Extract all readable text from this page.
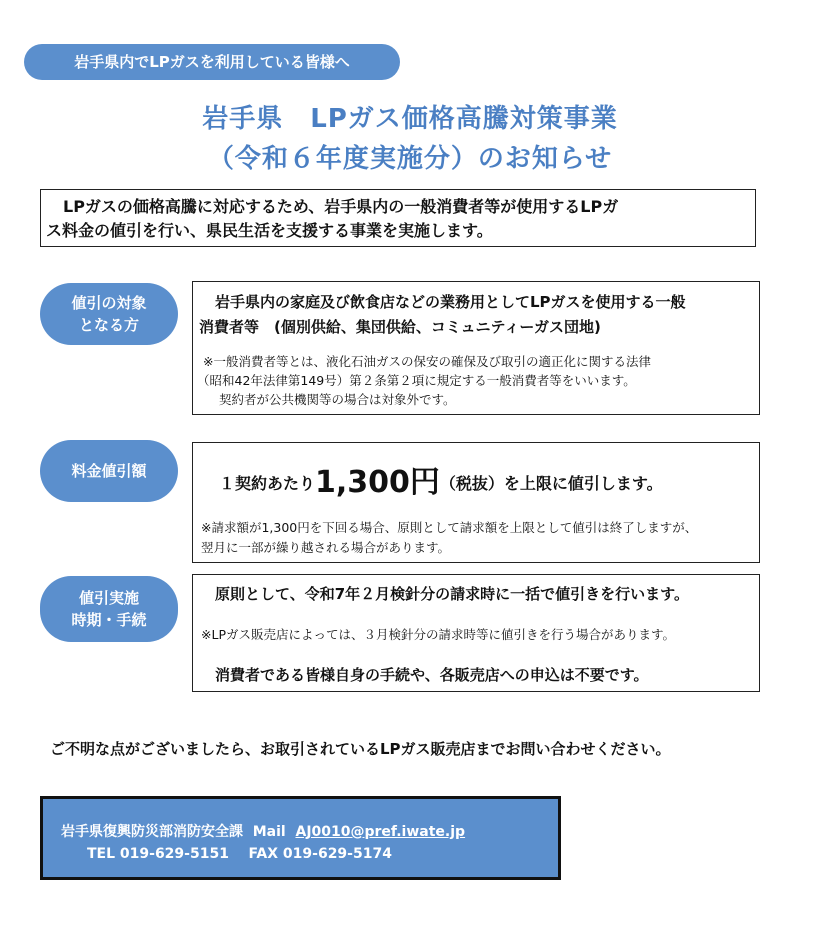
岩手県内でLPガスを利用している皆様へ
岩手県　LPガス価格高騰対策事業
（令和６年度実施分）のお知らせ
LPガスの価格高騰に対応するため、岩手県内の一般消費者等が使用するLPガ
ス料金の値引を行い、県民生活を支援する事業を実施します。
値引の対象
となる方
岩手県内の家庭及び飲食店などの業務用としてLPガスを使用する一般
消費者等　(個別供給、集団供給、コミュニティーガス団地)
※一般消費者等とは、液化石油ガスの保安の確保及び取引の適正化に関する法律
（昭和42年法律第149号）第２条第２項に規定する一般消費者等をいいます。
契約者が公共機関等の場合は対象外です。
料金値引額
１契約あたり1,300円（税抜）を上限に値引します。
※請求額が1,300円を下回る場合、原則として請求額を上限として値引は終了しますが、
翌月に一部が繰り越される場合があります。
値引実施
時期・手続
原則として、令和7年２月検針分の請求時に一括で値引きを行います。
※LPガス販売店によっては、３月検針分の請求時等に値引きを行う場合があります。
消費者である皆様自身の手続や、各販売店への申込は不要です。
ご不明な点がございましたら、お取引されているLPガス販売店までお問い合わせください。
岩手県復興防災部消防安全課 Mail AJ0010@pref.iwate.jp
TEL 019-629-5151 FAX 019-629-5174
